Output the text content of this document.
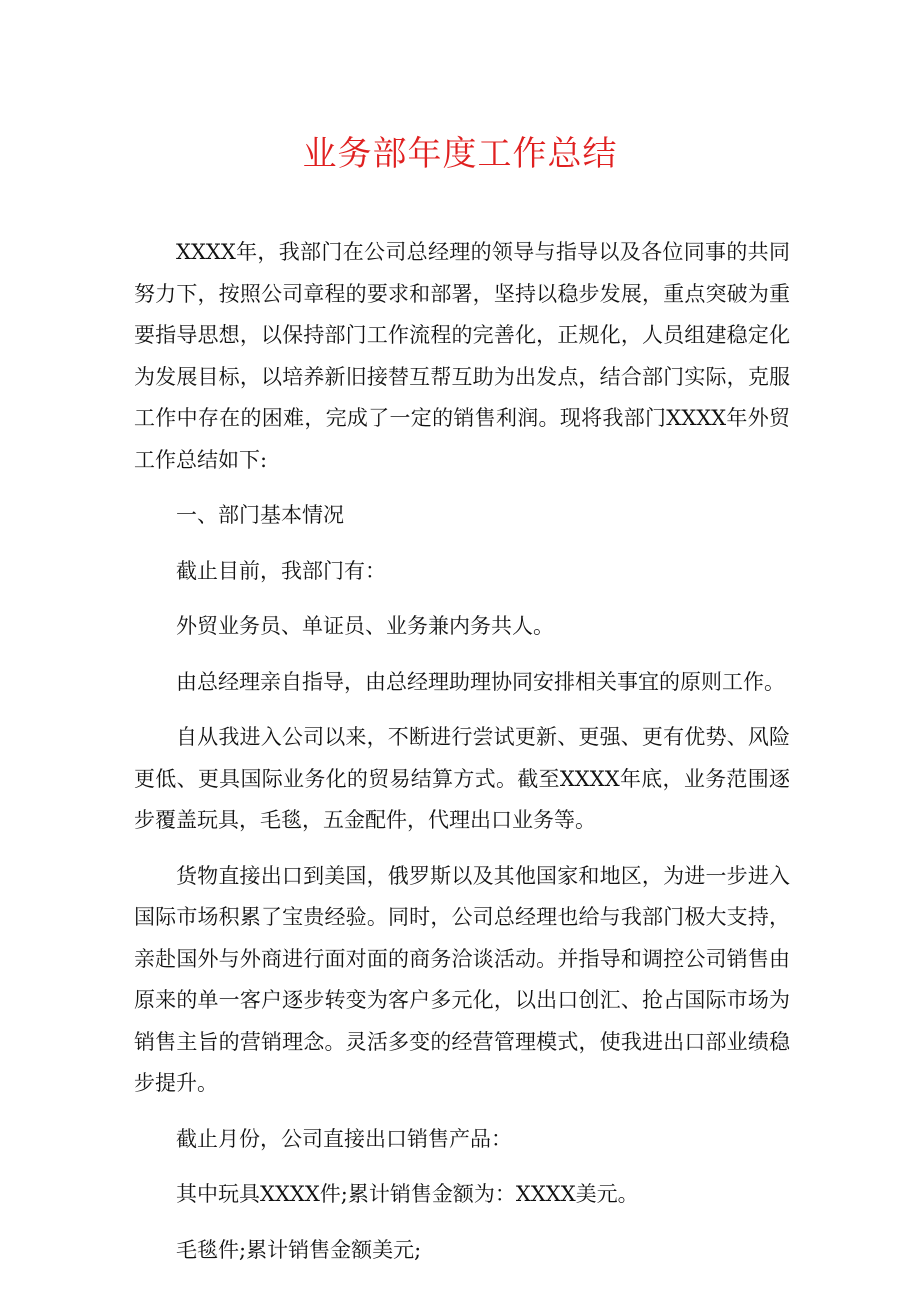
业务部年度工作总结

XXXX年，我部门在公司总经理的领导与指导以及各位同事的共同努力下，按照公司章程的要求和部署，坚持以稳步发展，重点突破为重要指导思想，以保持部门工作流程的完善化，正规化，人员组建稳定化为发展目标，以培养新旧接替互帮互助为出发点，结合部门实际，克服工作中存在的困难，完成了一定的销售利润。现将我部门XXXX年外贸工作总结如下:

一、部门基本情况

截止目前，我部门有：

外贸业务员、单证员、业务兼内务共人。

由总经理亲自指导，由总经理助理协同安排相关事宜的原则工作。

自从我进入公司以来，不断进行尝试更新、更强、更有优势、风险更低、更具国际业务化的贸易结算方式。截至XXXX年底，业务范围逐步覆盖玩具，毛毯，五金配件，代理出口业务等。

货物直接出口到美国，俄罗斯以及其他国家和地区，为进一步进入国际市场积累了宝贵经验。同时，公司总经理也给与我部门极大支持，亲赴国外与外商进行面对面的商务洽谈活动。并指导和调控公司销售由原来的单一客户逐步转变为客户多元化，以出口创汇、抢占国际市场为销售主旨的营销理念。灵活多变的经营管理模式，使我进出口部业绩稳步提升。

截止月份，公司直接出口销售产品：

其中玩具XXXX件;累计销售金额为：XXXX美元。

毛毯件;累计销售金额美元;
